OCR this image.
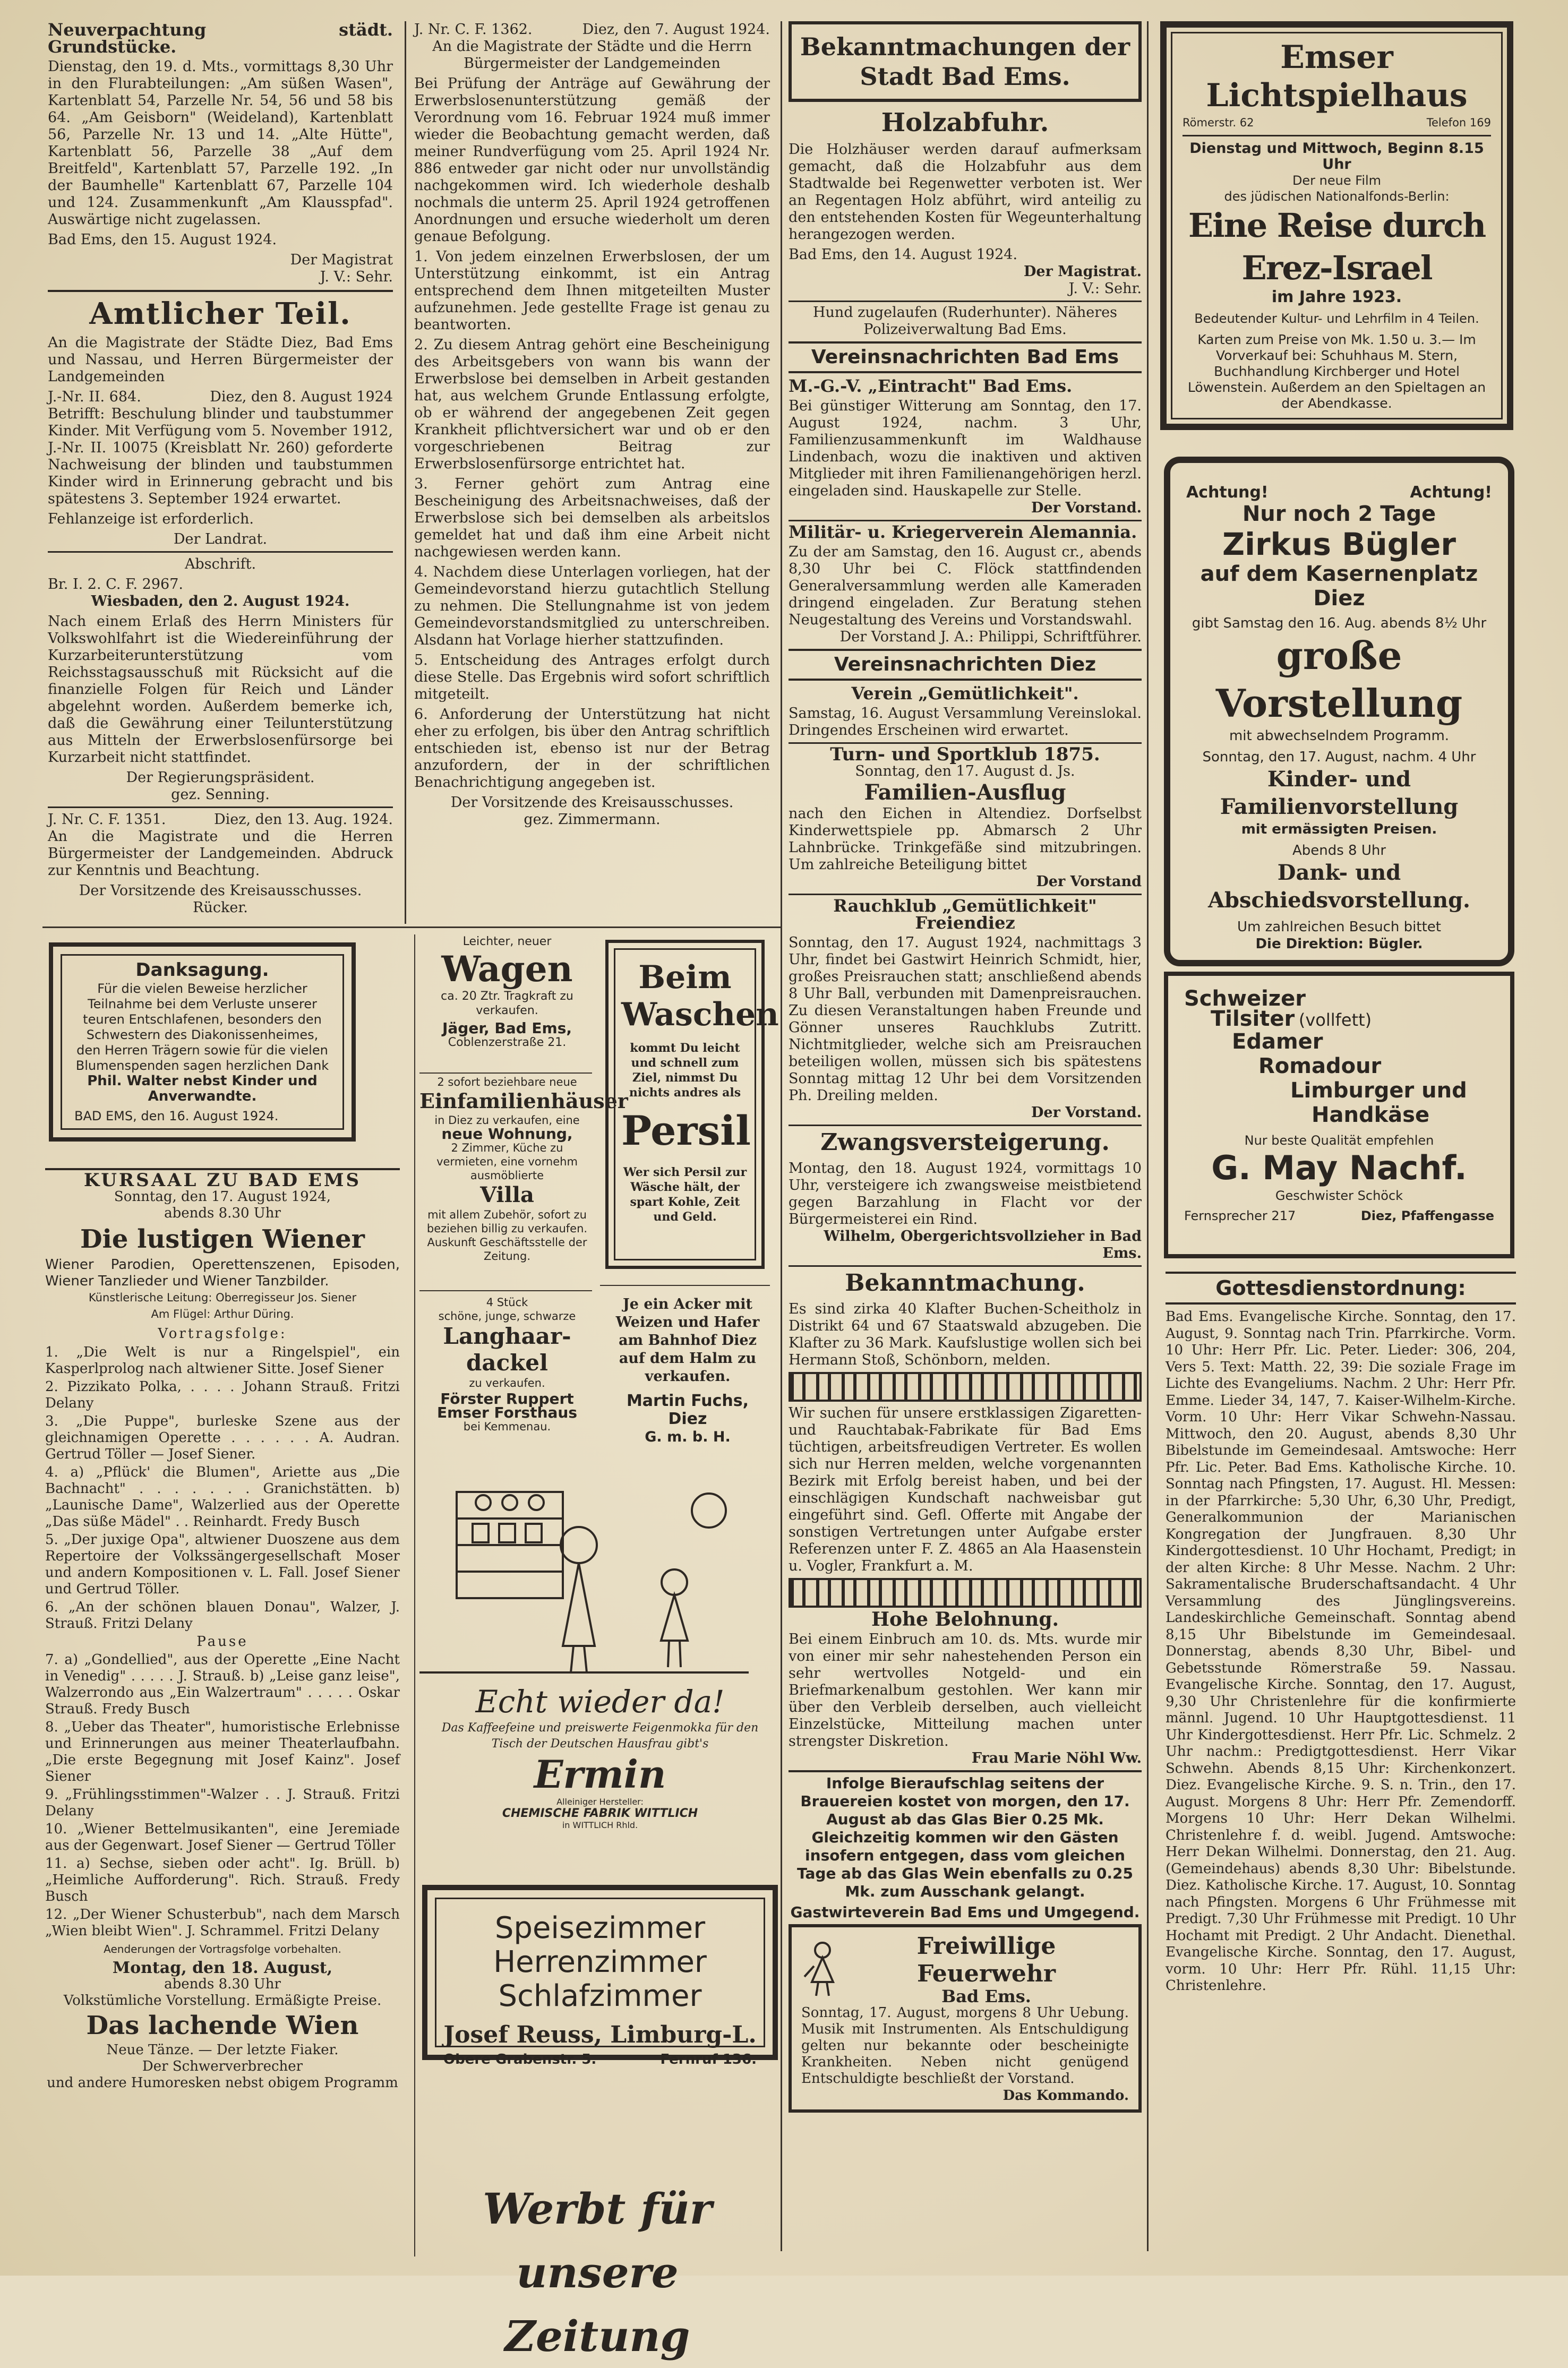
Neuverpachtung städt. Grundstücke.

Dienstag, den 19. d. Mts., vormittags 8,30 Uhr in den Flurabteilungen: „Am süßen Wasen", Kartenblatt 54, Parzelle Nr. 54, 56 und 58 bis 64. „Am Geisborn" (Weideland), Kartenblatt 56, Parzelle Nr. 13 und 14. „Alte Hütte", Kartenblatt 56, Parzelle 38 „Auf dem Breitfeld", Kartenblatt 57, Parzelle 192. „In der Baumhelle" Kartenblatt 67, Parzelle 104 und 124. Zusammenkunft „Am Klausspfad". Auswärtige nicht zugelassen.

Bad Ems, den 15. August 1924.

Der Magistrat

J. V.: Sehr.

Amtlicher Teil.

An die Magistrate der Städte Diez, Bad Ems und Nassau, und Herren Bürgermeister der Landgemeinden

J.-Nr. II. 684.	Diez, den 8. August 1924

Betrifft: Beschulung blinder und taubstummer Kinder. Mit Verfügung vom 5. November 1912, J.-Nr. II. 10075 (Kreisblatt Nr. 260) geforderte Nachweisung der blinden und taubstummen Kinder wird in Erinnerung gebracht und bis spätestens 3. September 1924 erwartet.

Fehlanzeige ist erforderlich.

Der Landrat.

Abschrift.

Br. I. 2. C. F. 2967.

Wiesbaden, den 2. August 1924.

Nach einem Erlaß des Herrn Ministers für Volkswohlfahrt ist die Wiedereinführung der Kurzarbeiterunterstützung vom Reichsstagsausschuß mit Rücksicht auf die finanzielle Folgen für Reich und Länder abgelehnt worden. Außerdem bemerke ich, daß die Gewährung einer Teilunterstützung aus Mitteln der Erwerbslosenfürsorge bei Kurzarbeit nicht stattfindet.

Der Regierungspräsident.

gez. Senning.

J. Nr. C. F. 1351.	Diez, den 13. Aug. 1924.

An die Magistrate und die Herren Bürgermeister der Landgemeinden. Abdruck zur Kenntnis und Beachtung.

Der Vorsitzende des Kreisausschusses.

Rücker.

J. Nr. C. F. 1362.	Diez, den 7. August 1924.

An die Magistrate der Städte und die Herrn Bürgermeister der Landgemeinden

Bei Prüfung der Anträge auf Gewährung der Erwerbslosenunterstützung gemäß der Verordnung vom 16. Februar 1924 muß immer wieder die Beobachtung gemacht werden, daß meiner Rundverfügung vom 25. April 1924 Nr. 886 entweder gar nicht oder nur unvollständig nachgekommen wird. Ich wiederhole deshalb nochmals die unterm 25. April 1924 getroffenen Anordnungen und ersuche wiederholt um deren genaue Befolgung.

1. Von jedem einzelnen Erwerbslosen, der um Unterstützung einkommt, ist ein Antrag entsprechend dem Ihnen mitgeteilten Muster aufzunehmen. Jede gestellte Frage ist genau zu beantworten.

2. Zu diesem Antrag gehört eine Bescheinigung des Arbeitsgebers von wann bis wann der Erwerbslose bei demselben in Arbeit gestanden hat, aus welchem Grunde Entlassung erfolgte, ob er während der angegebenen Zeit gegen Krankheit pflichtversichert war und ob er den vorgeschriebenen Beitrag zur Erwerbslosenfürsorge entrichtet hat.

3. Ferner gehört zum Antrag eine Bescheinigung des Arbeitsnachweises, daß der Erwerbslose sich bei demselben als arbeitslos gemeldet hat und daß ihm eine Arbeit nicht nachgewiesen werden kann.

4. Nachdem diese Unterlagen vorliegen, hat der Gemeindevorstand hierzu gutachtlich Stellung zu nehmen. Die Stellungnahme ist von jedem Gemeindevorstandsmitglied zu unterschreiben. Alsdann hat Vorlage hierher stattzufinden.

5. Entscheidung des Antrages erfolgt durch diese Stelle. Das Ergebnis wird sofort schriftlich mitgeteilt.

6. Anforderung der Unterstützung hat nicht eher zu erfolgen, bis über den Antrag schriftlich entschieden ist, ebenso ist nur der Betrag anzufordern, der in der schriftlichen Benachrichtigung angegeben ist.

Der Vorsitzende des Kreisausschusses.

gez. Zimmermann.

Danksagung.
Für die vielen Beweise herzlicher Teilnahme bei dem Verluste unserer teuren Entschlafenen, besonders den Schwestern des Diakonissenheimes, den Herren Trägern sowie für die vielen Blumenspenden sagen herzlichen Dank
Phil. Walter nebst Kinder und Anverwandte.
BAD EMS, den 16. August 1924.

KURSAAL ZU BAD EMS

Sonntag, den 17. August 1924,

abends 8.30 Uhr

Die lustigen Wiener

Wiener Parodien, Operettenszenen, Episoden, Wiener Tanzlieder und Wiener Tanzbilder.

Künstlerische Leitung: Oberregisseur Jos. Siener

Am Flügel: Arthur Düring.

Vortragsfolge:

1. „Die Welt is nur a Ringelspiel", ein Kasperlprolog nach altwiener Sitte. Josef Siener

2. Pizzikato Polka, . . . . Johann Strauß. Fritzi Delany

3. „Die Puppe", burleske Szene aus der gleichnamigen Operette . . . . . . A. Audran. Gertrud Töller — Josef Siener.

4. a) „Pflück' die Blumen", Ariette aus „Die Bachnacht" . . . . . . . Granichstätten. b) „Launische Dame", Walzerlied aus der Operette „Das süße Mädel" . . Reinhardt. Fredy Busch

5. „Der juxige Opa", altwiener Duoszene aus dem Repertoire der Volkssängergesellschaft Moser und andern Kompositionen v. L. Fall. Josef Siener und Gertrud Töller.

6. „An der schönen blauen Donau", Walzer, J. Strauß. Fritzi Delany

Pause

7. a) „Gondellied", aus der Operette „Eine Nacht in Venedig" . . . . . J. Strauß. b) „Leise ganz leise", Walzerrondo aus „Ein Walzertraum" . . . . . Oskar Strauß. Fredy Busch

8. „Ueber das Theater", humoristische Erlebnisse und Erinnerungen aus meiner Theaterlaufbahn. „Die erste Begegnung mit Josef Kainz". Josef Siener

9. „Frühlingsstimmen"-Walzer . . J. Strauß. Fritzi Delany

10. „Wiener Bettelmusikanten", eine Jeremiade aus der Gegenwart. Josef Siener — Gertrud Töller

11. a) Sechse, sieben oder acht". Ig. Brüll. b) „Heimliche Aufforderung". Rich. Strauß. Fredy Busch

12. „Der Wiener Schusterbub", nach dem Marsch „Wien bleibt Wien". J. Schrammel. Fritzi Delany

Aenderungen der Vortragsfolge vorbehalten.

Montag, den 18. August,

abends 8.30 Uhr

Volkstümliche Vorstellung. Ermäßigte Preise.

Das lachende Wien

Neue Tänze. — Der letzte Fiaker.

Der Schwerverbrecher

und andere Humoresken nebst obigem Programm

Leichter, neuer
Wagen
ca. 20 Ztr. Tragkraft zu verkaufen.
Jäger, Bad Ems,
Coblenzerstraße 21.
2 sofort beziehbare neue
Einfamilienhäuser
in Diez zu verkaufen, eine
neue Wohnung,
2 Zimmer, Küche zu vermieten, eine vornehm ausmöblierte
Villa
mit allem Zubehör, sofort zu beziehen billig zu verkaufen.
Auskunft Geschäftsstelle der Zeitung.
4 Stück
schöne, junge, schwarze
Langhaar-dackel
zu verkaufen.
Förster Ruppert
Emser Forsthaus
bei Kemmenau.
Beim
Waschen
kommt Du leicht und schnell zum Ziel, nimmst Du nichts andres als
Persil
Wer sich Persil zur Wäsche hält, der spart Kohle, Zeit und Geld.
Je ein Acker mit Weizen und Hafer am Bahnhof Diez auf dem Halm zu verkaufen.
Martin Fuchs, Diez
G. m. b. H.
Echt wieder da!
Das Kaffeefeine und preiswerte Feigenmokka für den Tisch der Deutschen Hausfrau gibt's
Ermin
Alleiniger Hersteller:
CHEMISCHE FABRIK WITTLICH
in WITTLICH Rhld.
Speisezimmer
Herrenzimmer
Schlafzimmer
Josef Reuss, Limburg-L.
Obere Grabenstr. 5.	Fernruf 136.
Werbt für unsere Zeitung
Bekanntmachungen der Stadt Bad Ems.

Holzabfuhr.

Die Holzhäuser werden darauf aufmerksam gemacht, daß die Holzabfuhr aus dem Stadtwalde bei Regenwetter verboten ist. Wer an Regentagen Holz abführt, wird anteilig zu den entstehenden Kosten für Wegeunterhaltung herangezogen werden.

Bad Ems, den 14. August 1924.

Der Magistrat.

J. V.: Sehr.

Hund zugelaufen (Ruderhunter). Näheres Polizeiverwaltung Bad Ems.

Vereinsnachrichten Bad Ems

M.-G.-V. „Eintracht" Bad Ems.

Bei günstiger Witterung am Sonntag, den 17. August 1924, nachm. 3 Uhr, Familienzusammenkunft im Waldhause Lindenbach, wozu die inaktiven und aktiven Mitglieder mit ihren Familienangehörigen herzl. eingeladen sind. Hauskapelle zur Stelle.

Der Vorstand.

Militär- u. Kriegerverein Alemannia.

Zu der am Samstag, den 16. August cr., abends 8,30 Uhr bei C. Flöck stattfindenden Generalversammlung werden alle Kameraden dringend eingeladen. Zur Beratung stehen Neugestaltung des Vereins und Vorstandswahl.

Der Vorstand J. A.: Philippi, Schriftführer.

Vereinsnachrichten Diez

Verein „Gemütlichkeit".

Samstag, 16. August Versammlung Vereinslokal. Dringendes Erscheinen wird erwartet.

Turn- und Sportklub 1875.

Sonntag, den 17. August d. Js.

Familien-Ausflug

nach den Eichen in Altendiez. Dorfselbst Kinderwettspiele pp. Abmarsch 2 Uhr Lahnbrücke. Trinkgefäße sind mitzubringen. Um zahlreiche Beteiligung bittet

Der Vorstand

Rauchklub „Gemütlichkeit" Freiendiez

Sonntag, den 17. August 1924, nachmittags 3 Uhr, findet bei Gastwirt Heinrich Schmidt, hier, großes Preisrauchen statt; anschließend abends 8 Uhr Ball, verbunden mit Damenpreisrauchen. Zu diesen Veranstaltungen haben Freunde und Gönner unseres Rauchklubs Zutritt. Nichtmitglieder, welche sich am Preisrauchen beteiligen wollen, müssen sich bis spätestens Sonntag mittag 12 Uhr bei dem Vorsitzenden Ph. Dreiling melden.

Der Vorstand.

Zwangsversteigerung.

Montag, den 18. August 1924, vormittags 10 Uhr, versteigere ich zwangsweise meistbietend gegen Barzahlung in Flacht vor der Bürgermeisterei ein Rind.

Wilhelm, Obergerichtsvollzieher in Bad Ems.

Bekanntmachung.

Es sind zirka 40 Klafter Buchen-Scheitholz in Distrikt 64 und 67 Staatswald abzugeben. Die Klafter zu 36 Mark. Kaufslustige wollen sich bei Hermann Stoß, Schönborn, melden.

Wir suchen für unsere erstklassigen Zigaretten- und Rauchtabak-Fabrikate für Bad Ems tüchtigen, arbeitsfreudigen Vertreter. Es wollen sich nur Herren melden, welche vorgenannten Bezirk mit Erfolg bereist haben, und bei der einschlägigen Kundschaft nachweisbar gut eingeführt sind. Gefl. Offerte mit Angabe der sonstigen Vertretungen unter Aufgabe erster Referenzen unter F. Z. 4865 an Ala Haasenstein u. Vogler, Frankfurt a. M.

Hohe Belohnung.

Bei einem Einbruch am 10. ds. Mts. wurde mir von einer mir sehr nahestehenden Person ein sehr wertvolles Notgeld- und ein Briefmarkenalbum gestohlen. Wer kann mir über den Verbleib derselben, auch vielleicht Einzelstücke, Mitteilung machen unter strengster Diskretion.

Frau Marie Nöhl Ww.

Infolge Bieraufschlag seitens der Brauereien kostet von morgen, den 17. August ab das Glas Bier 0.25 Mk. Gleichzeitig kommen wir den Gästen insofern entgegen, dass vom gleichen Tage ab das Glas Wein ebenfalls zu 0.25 Mk. zum Ausschank gelangt.

Gastwirteverein Bad Ems und Umgegend.

Freiwillige Feuerwehr
Bad Ems.

Sonntag, 17. August, morgens 8 Uhr Uebung. Musik mit Instrumenten. Als Entschuldigung gelten nur bekannte oder bescheinigte Krankheiten. Neben nicht genügend Entschuldigte beschließt der Vorstand.

Das Kommando.

Emser Lichtspielhaus
Römerstr. 62	Telefon 169
Dienstag und Mittwoch, Beginn 8.15 Uhr
Der neue Film
des jüdischen Nationalfonds-Berlin:
Eine Reise durch Erez-Israel
im Jahre 1923.
Bedeutender Kultur- und Lehrfilm in 4 Teilen.
Karten zum Preise von Mk. 1.50 u. 3.— Im Vorverkauf bei: Schuhhaus M. Stern, Buchhandlung Kirchberger und Hotel Löwenstein. Außerdem an den Spieltagen an der Abendkasse.
Achtung!	Achtung!
Nur noch 2 Tage
Zirkus Bügler
auf dem Kasernenplatz
Diez
gibt Samstag den 16. Aug. abends 8½ Uhr
große Vorstellung
mit abwechselndem Programm.
Sonntag, den 17. August, nachm. 4 Uhr
Kinder- und Familienvorstellung
mit ermässigten Preisen.
Abends 8 Uhr
Dank- und Abschiedsvorstellung.
Um zahlreichen Besuch bittet
Die Direktion: Bügler.
Schweizer
Tilsiter (vollfett)
Edamer
Romadour
Limburger und
Handkäse
Nur beste Qualität empfehlen
G. May Nachf.
Geschwister Schöck
Fernsprecher 217	Diez, Pfaffengasse
Gottesdienstordnung:

Bad Ems. Evangelische Kirche. Sonntag, den 17. August, 9. Sonntag nach Trin. Pfarrkirche. Vorm. 10 Uhr: Herr Pfr. Lic. Peter. Lieder: 306, 204, Vers 5. Text: Matth. 22, 39: Die soziale Frage im Lichte des Evangeliums. Nachm. 2 Uhr: Herr Pfr. Emme. Lieder 34, 147, 7. Kaiser-Wilhelm-Kirche. Vorm. 10 Uhr: Herr Vikar Schwehn-Nassau. Mittwoch, den 20. August, abends 8,30 Uhr Bibelstunde im Gemeindesaal. Amtswoche: Herr Pfr. Lic. Peter. Bad Ems. Katholische Kirche. 10. Sonntag nach Pfingsten, 17. August. Hl. Messen: in der Pfarrkirche: 5,30 Uhr, 6,30 Uhr, Predigt, Generalkommunion der Marianischen Kongregation der Jungfrauen. 8,30 Uhr Kindergottesdienst. 10 Uhr Hochamt, Predigt; in der alten Kirche: 8 Uhr Messe. Nachm. 2 Uhr: Sakramentalische Bruderschaftsandacht. 4 Uhr Versammlung des Jünglingsvereins. Landeskirchliche Gemeinschaft. Sonntag abend 8,15 Uhr Bibelstunde im Gemeindesaal. Donnerstag, abends 8,30 Uhr, Bibel- und Gebetsstunde Römerstraße 59. Nassau. Evangelische Kirche. Sonntag, den 17. August, 9,30 Uhr Christenlehre für die konfirmierte männl. Jugend. 10 Uhr Hauptgottesdienst. 11 Uhr Kindergottesdienst. Herr Pfr. Lic. Schmelz. 2 Uhr nachm.: Predigtgottesdienst. Herr Vikar Schwehn. Abends 8,15 Uhr: Kirchenkonzert. Diez. Evangelische Kirche. 9. S. n. Trin., den 17. August. Morgens 8 Uhr: Herr Pfr. Zemendorff. Morgens 10 Uhr: Herr Dekan Wilhelmi. Christenlehre f. d. weibl. Jugend. Amtswoche: Herr Dekan Wilhelmi. Donnerstag, den 21. Aug. (Gemeindehaus) abends 8,30 Uhr: Bibelstunde. Diez. Katholische Kirche. 17. August, 10. Sonntag nach Pfingsten. Morgens 6 Uhr Frühmesse mit Predigt. 7,30 Uhr Frühmesse mit Predigt. 10 Uhr Hochamt mit Predigt. 2 Uhr Andacht. Dienethal. Evangelische Kirche. Sonntag, den 17. August, vorm. 10 Uhr: Herr Pfr. Rühl. 11,15 Uhr: Christenlehre.
